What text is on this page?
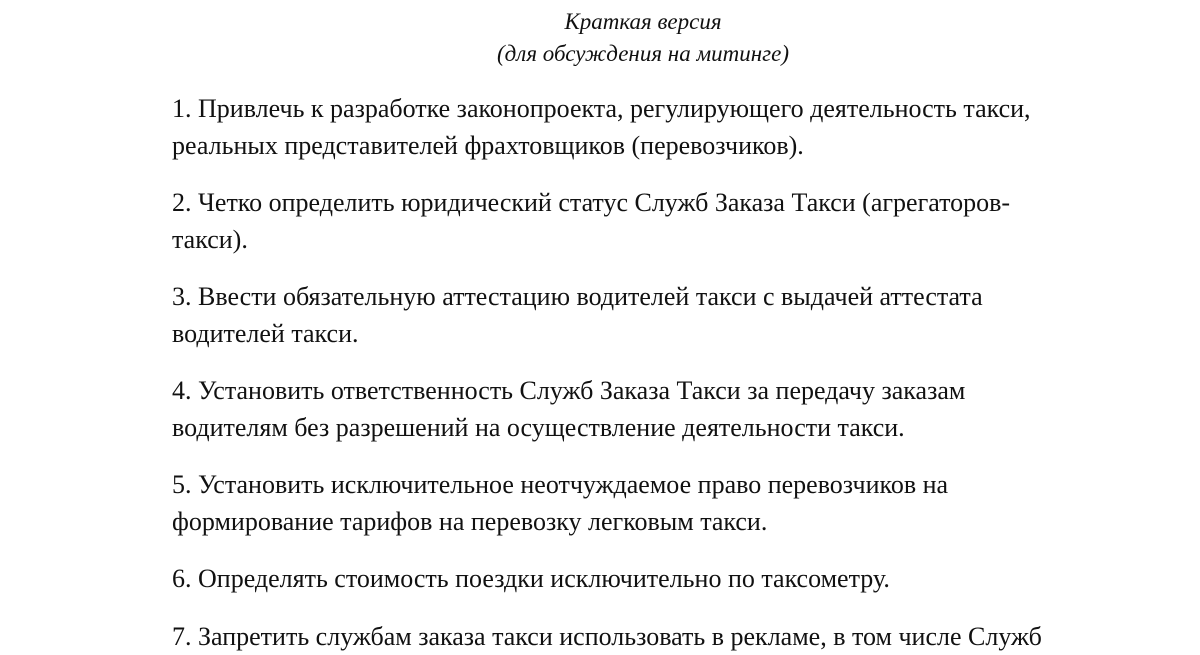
Краткая версия
(для обсуждения на митинге)
1. Привлечь к разработке законопроекта, регулирующего деятельность такси,
реальных представителей фрахтовщиков (перевозчиков).
2. Четко определить юридический статус Служб Заказа Такси (агрегаторов-
такси).
3. Ввести обязательную аттестацию водителей такси с выдачей аттестата
водителей такси.
4. Установить ответственность Служб Заказа Такси за передачу заказам
водителям без разрешений на осуществление деятельности такси.
5. Установить исключительное неотчуждаемое право перевозчиков на
формирование тарифов на перевозку легковым такси.
6. Определять стоимость поездки исключительно по таксометру.
7. Запретить службам заказа такси использовать в рекламе, в том числе Служб
